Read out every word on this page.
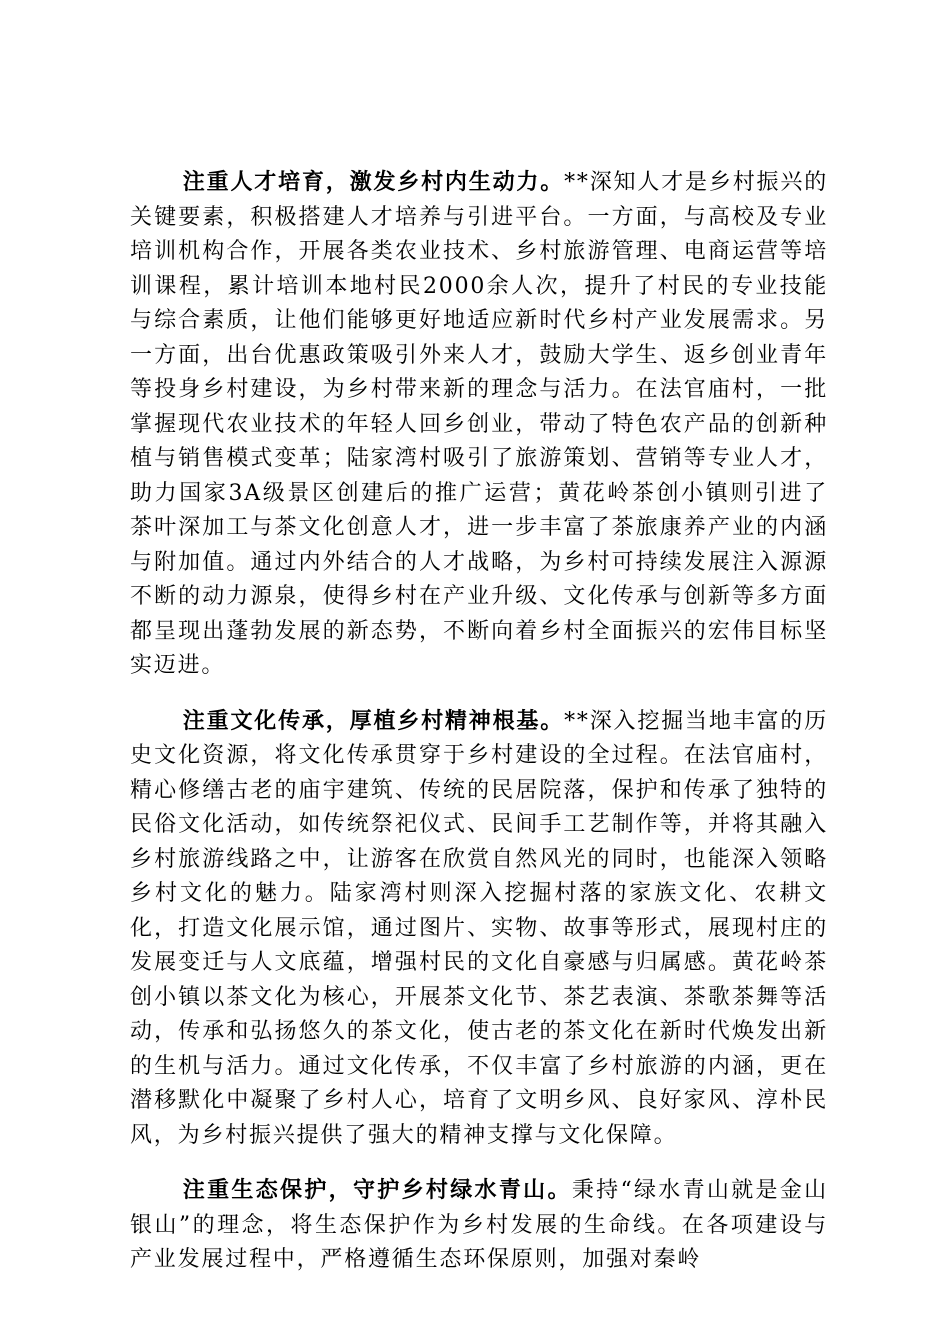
注重人才培育，激发乡村内生动力。**深知人才是乡村振兴的关键要素，积极搭建人才培养与引进平台。一方面，与高校及专业培训机构合作，开展各类农业技术、乡村旅游管理、电商运营等培训课程，累计培训本地村民2000余人次，提升了村民的专业技能与综合素质，让他们能够更好地适应新时代乡村产业发展需求。另一方面，出台优惠政策吸引外来人才，鼓励大学生、返乡创业青年等投身乡村建设，为乡村带来新的理念与活力。在法官庙村，一批掌握现代农业技术的年轻人回乡创业，带动了特色农产品的创新种植与销售模式变革；陆家湾村吸引了旅游策划、营销等专业人才，助力国家3A级景区创建后的推广运营；黄花岭茶创小镇则引进了茶叶深加工与茶文化创意人才，进一步丰富了茶旅康养产业的内涵与附加值。通过内外结合的人才战略，为乡村可持续发展注入源源不断的动力源泉，使得乡村在产业升级、文化传承与创新等多方面都呈现出蓬勃发展的新态势，不断向着乡村全面振兴的宏伟目标坚实迈进。

注重文化传承，厚植乡村精神根基。**深入挖掘当地丰富的历史文化资源，将文化传承贯穿于乡村建设的全过程。在法官庙村，精心修缮古老的庙宇建筑、传统的民居院落，保护和传承了独特的民俗文化活动，如传统祭祀仪式、民间手工艺制作等，并将其融入乡村旅游线路之中，让游客在欣赏自然风光的同时，也能深入领略乡村文化的魅力。陆家湾村则深入挖掘村落的家族文化、农耕文化，打造文化展示馆，通过图片、实物、故事等形式，展现村庄的发展变迁与人文底蕴，增强村民的文化自豪感与归属感。黄花岭茶创小镇以茶文化为核心，开展茶文化节、茶艺表演、茶歌茶舞等活动，传承和弘扬悠久的茶文化，使古老的茶文化在新时代焕发出新的生机与活力。通过文化传承，不仅丰富了乡村旅游的内涵，更在潜移默化中凝聚了乡村人心，培育了文明乡风、良好家风、淳朴民风，为乡村振兴提供了强大的精神支撑与文化保障。

注重生态保护，守护乡村绿水青山。秉持“绿水青山就是金山银山”的理念，将生态保护作为乡村发展的生命线。在各项建设与产业发展过程中，严格遵循生态环保原则，加强对秦岭
